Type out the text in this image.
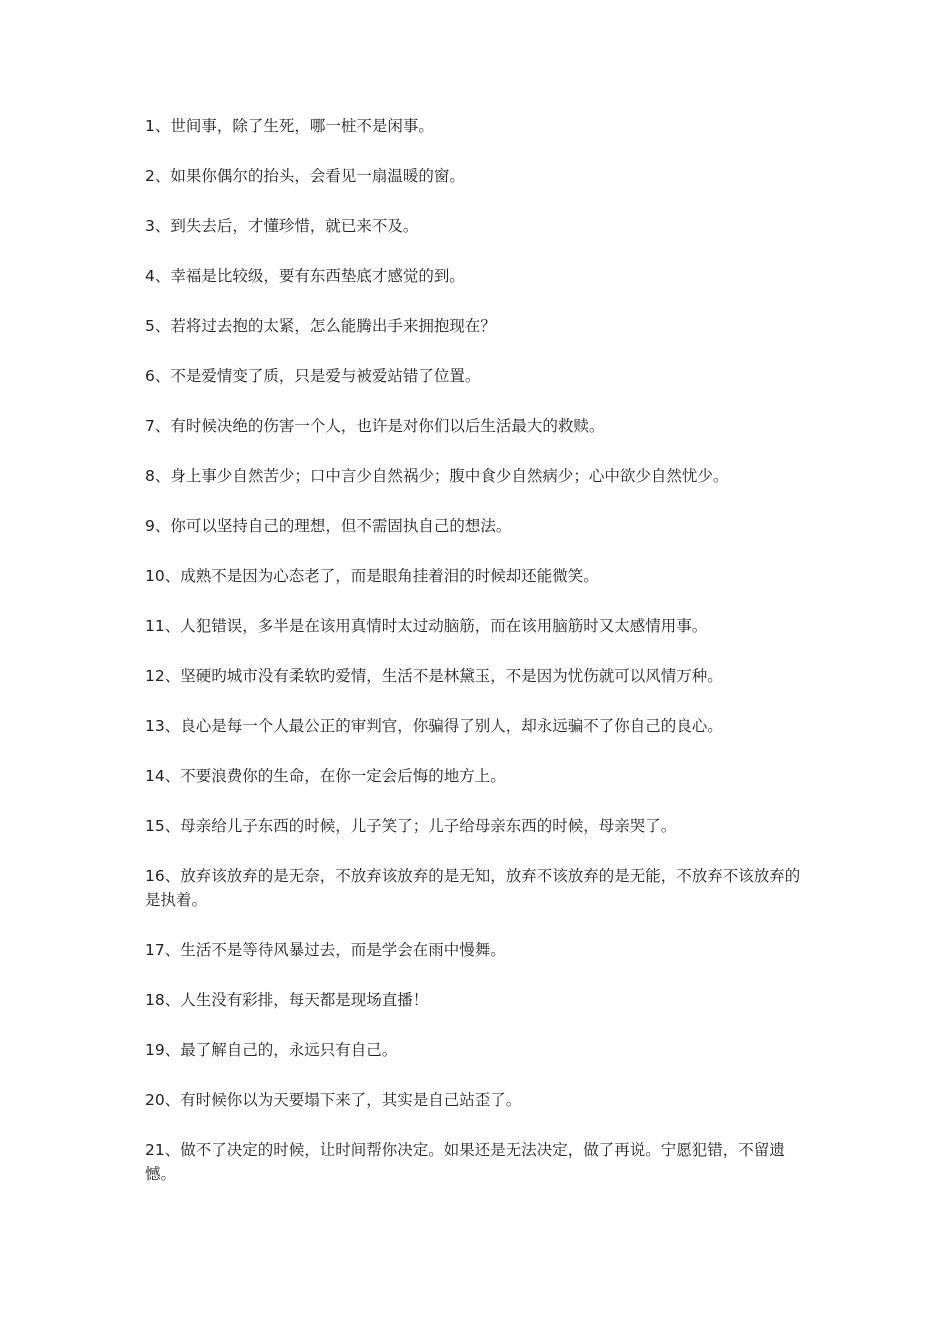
1、世间事，除了生死，哪一桩不是闲事。

2、如果你偶尔的抬头，会看见一扇温暖的窗。

3、到失去后，才懂珍惜，就已来不及。

4、幸福是比较级，要有东西垫底才感觉的到。

5、若将过去抱的太紧，怎么能腾出手来拥抱现在？

6、不是爱情变了质，只是爱与被爱站错了位置。

7、有时候决绝的伤害一个人，也许是对你们以后生活最大的救赎。

8、身上事少自然苦少；口中言少自然祸少；腹中食少自然病少；心中欲少自然忧少。

9、你可以坚持自己的理想，但不需固执自己的想法。

10、成熟不是因为心态老了，而是眼角挂着泪的时候却还能微笑。

11、人犯错误，多半是在该用真情时太过动脑筋，而在该用脑筋时又太感情用事。

12、坚硬旳城市没有柔软旳爱情，生活不是林黛玉，不是因为忧伤就可以风情万种。

13、良心是每一个人最公正的审判官，你骗得了别人，却永远骗不了你自己的良心。

14、不要浪费你的生命，在你一定会后悔的地方上。

15、母亲给儿子东西的时候，儿子笑了；儿子给母亲东西的时候，母亲哭了。

16、放弃该放弃的是无奈，不放弃该放弃的是无知，放弃不该放弃的是无能，不放弃不该放弃的是执着。

17、生活不是等待风暴过去，而是学会在雨中慢舞。

18、人生没有彩排，每天都是现场直播！

19、最了解自己的，永远只有自己。

20、有时候你以为天要塌下来了，其实是自己站歪了。

21、做不了决定的时候，让时间帮你决定。如果还是无法决定，做了再说。宁愿犯错，不留遗憾。
